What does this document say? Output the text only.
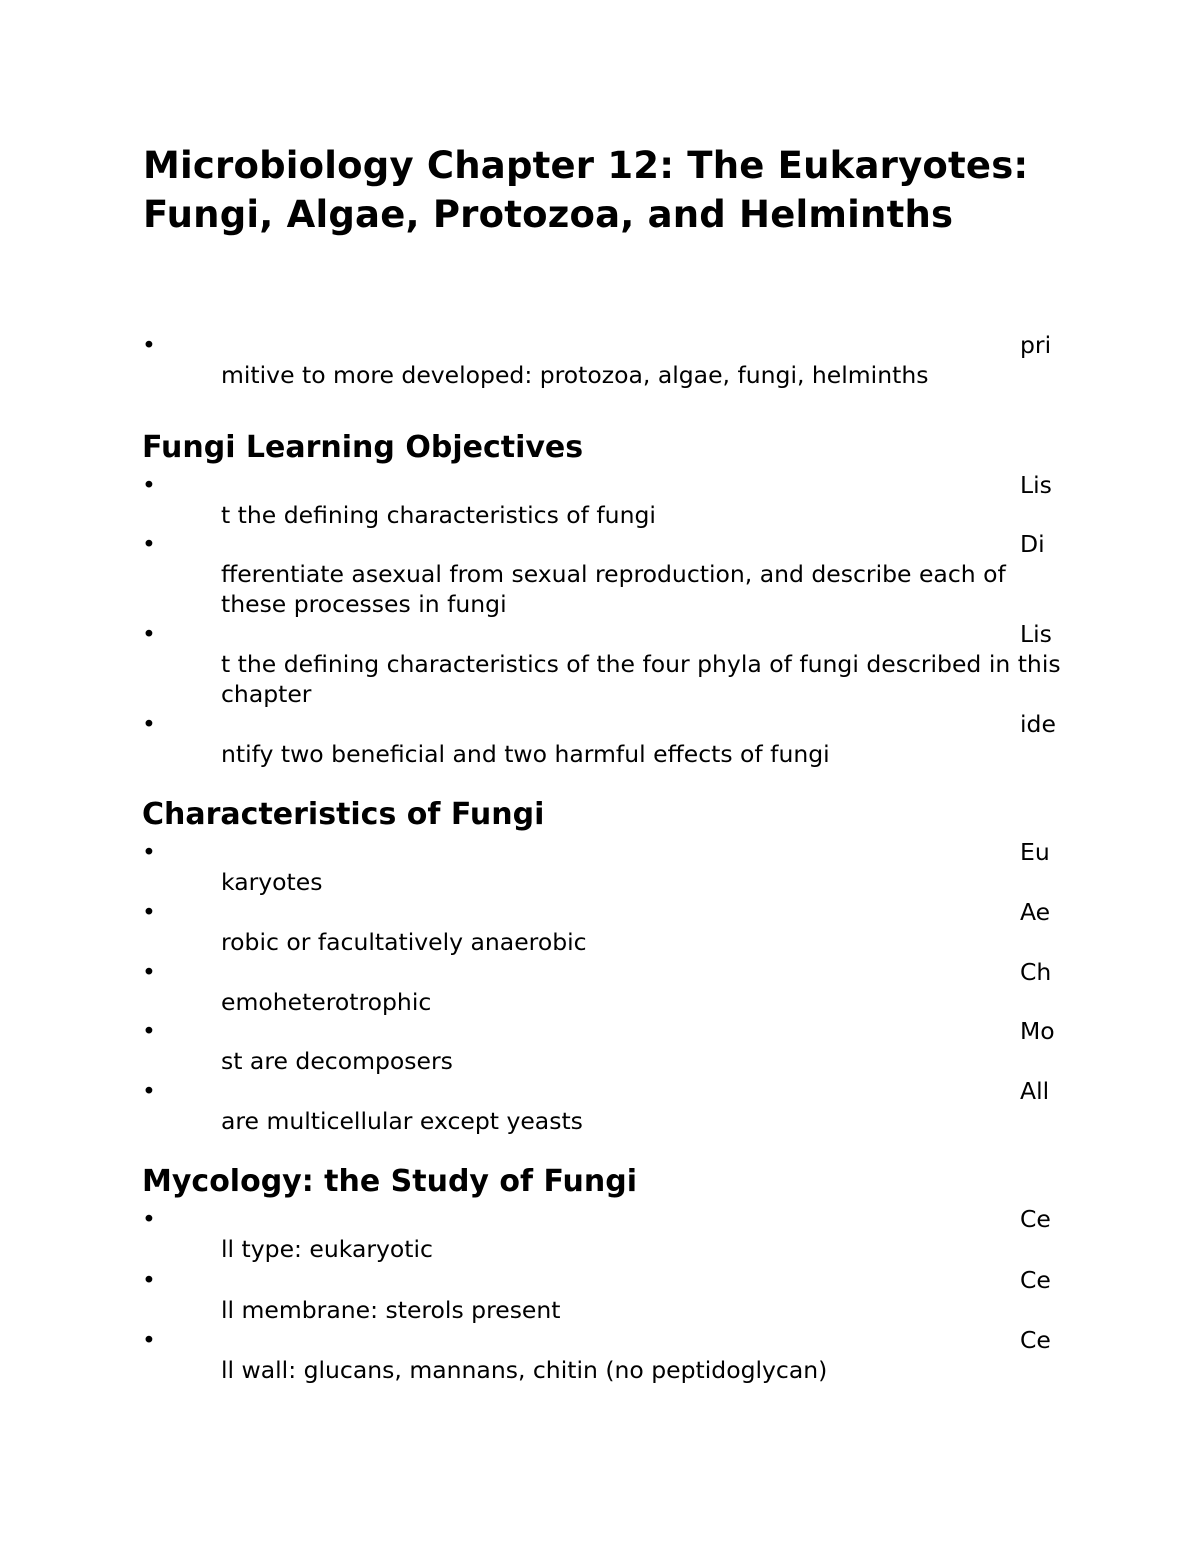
Microbiology Chapter 12: The Eukaryotes: Fungi, Algae, Protozoa, and Helminths
•	pri
mitive to more developed: protozoa, algae, fungi, helminths
Fungi Learning Objectives
•	Lis
t the defining characteristics of fungi
•	Di
fferentiate asexual from sexual reproduction, and describe each of these processes in fungi
•	Lis
t the defining characteristics of the four phyla of fungi described in this chapter
•	ide
ntify two beneficial and two harmful effects of fungi
Characteristics of Fungi
•	Eu
karyotes
•	Ae
robic or facultatively anaerobic
•	Ch
emoheterotrophic
•	Mo
st are decomposers
•	All
are multicellular except yeasts
Mycology: the Study of Fungi
•	Ce
ll type: eukaryotic
•	Ce
ll membrane: sterols present
•	Ce
ll wall: glucans, mannans, chitin (no peptidoglycan)
